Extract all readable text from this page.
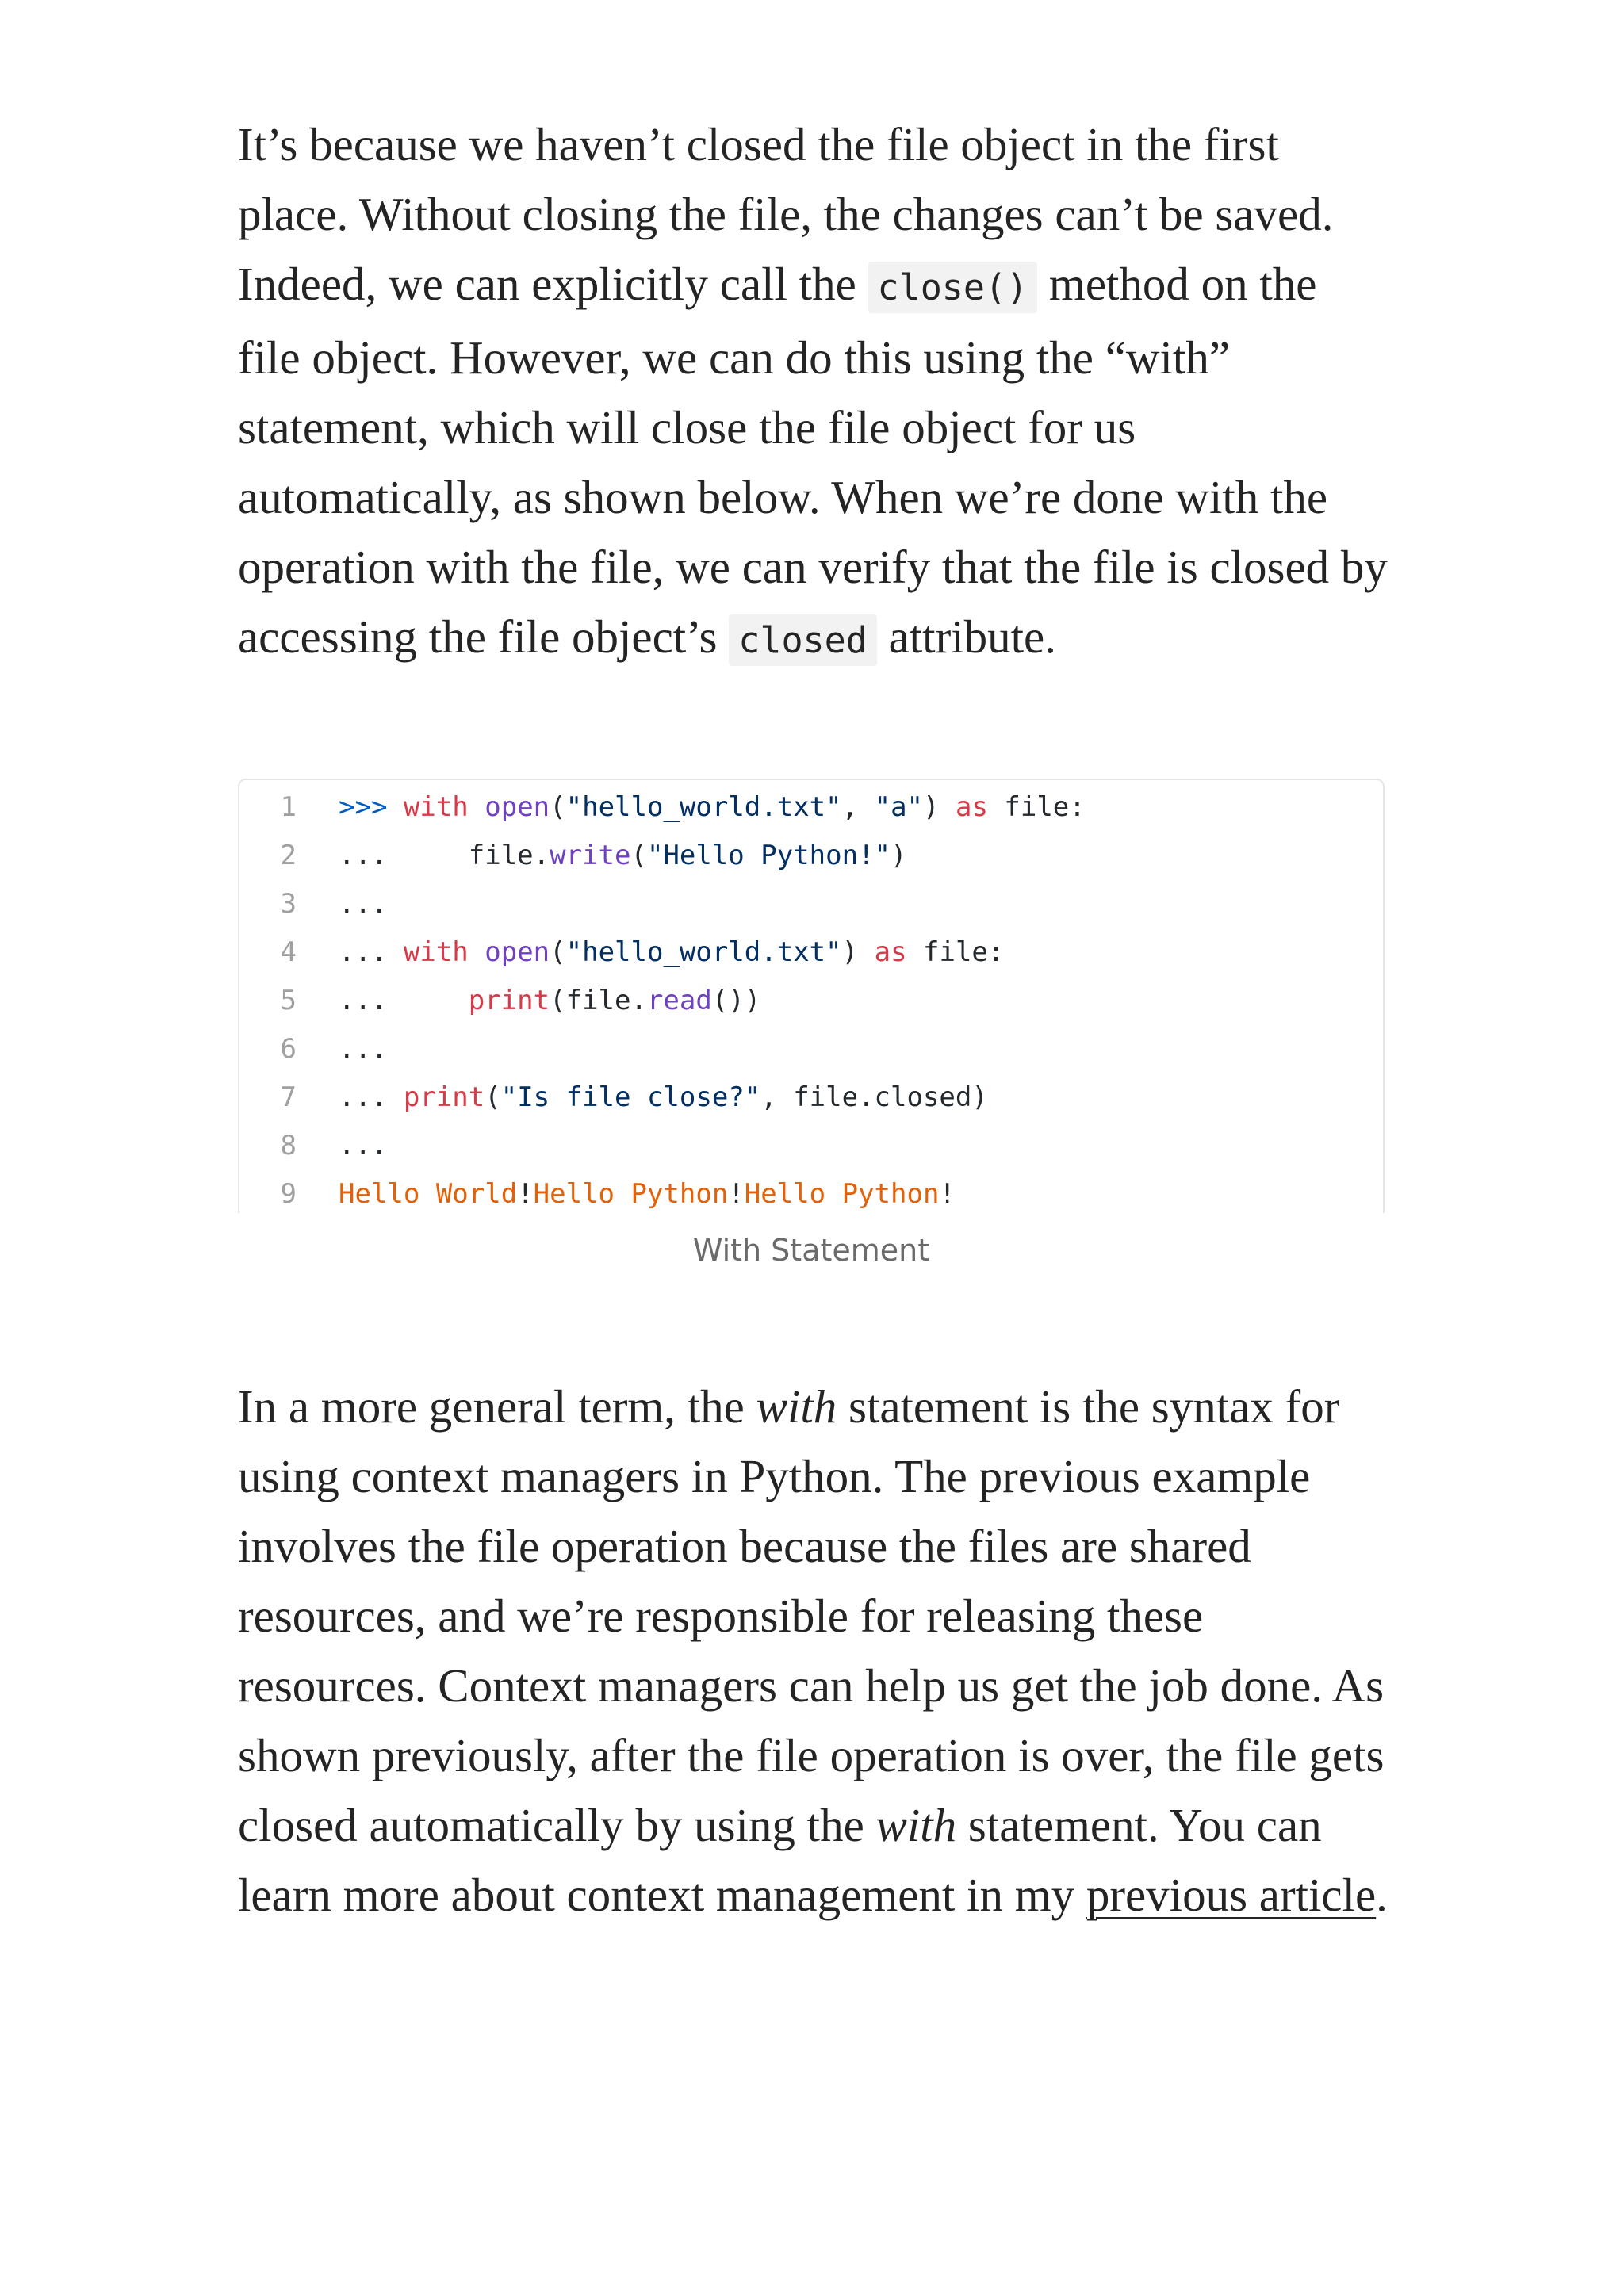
It’s because we haven’t closed the file object in the first place. Without closing the file, the changes can’t be saved. Indeed, we can explicitly call the close() method on the file object. However, we can do this using the “with” statement, which will close the file object for us automatically, as shown below. When we’re done with the operation with the file, we can verify that the file is closed by accessing the file object’s closed attribute.

1 >>> with open("hello_world.txt", "a") as file:
2 ...     file.write("Hello Python!")
3 ...
4 ... with open("hello_world.txt") as file:
5 ...     print(file.read())
6 ...
7 ... print("Is file close?", file.closed)
8 ...
9 Hello World!Hello Python!Hello Python!
With Statement

In a more general term, the with statement is the syntax for using context managers in Python. The previous example involves the file operation because the files are shared resources, and we’re responsible for releasing these resources. Context managers can help us get the job done. As shown previously, after the file operation is over, the file gets closed automatically by using the with statement. You can learn more about context management in my previous article.
